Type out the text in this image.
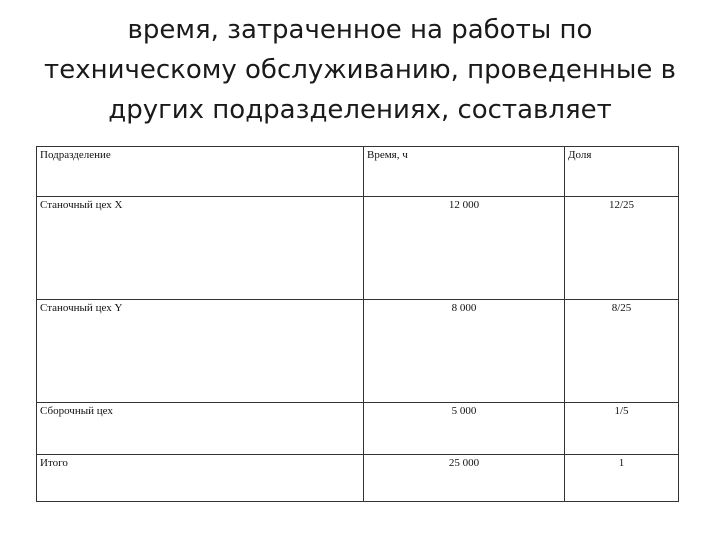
время, затраченное на работы по
техническому обслуживанию, проведенные в
других подразделениях, составляет
Подразделение	Время, ч	Доля
Станочный цех X	12 000	12/25
Станочный цех Y	8 000	8/25
Сборочный цех	5 000	1/5
Итого	25 000	1
